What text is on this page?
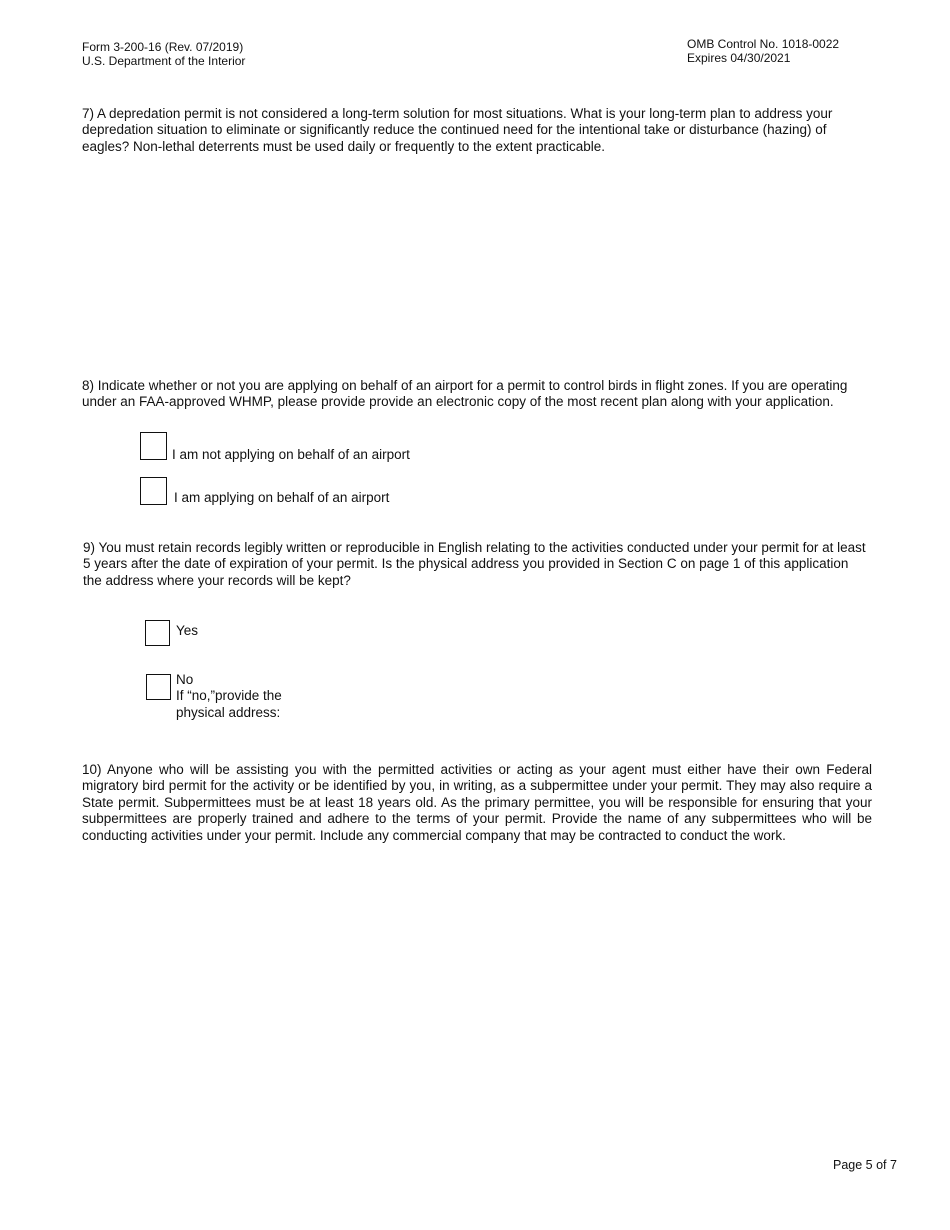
Form 3-200-16 (Rev. 07/2019)
U.S. Department of the Interior
OMB Control No. 1018-0022
Expires 04/30/2021

7) A depredation permit is not considered a long-term solution for most situations. What is your long-term plan to address your depredation situation to eliminate or significantly reduce the continued need for the intentional take or disturbance (hazing) of eagles? Non-lethal deterrents must be used daily or frequently to the extent practicable.

8) Indicate whether or not you are applying on behalf of an airport for a permit to control birds in flight zones. If you are operating under an FAA-approved WHMP, please provide provide an electronic copy of the most recent plan along with your application.

I am not applying on behalf of an airport
I am applying on behalf of an airport

9) You must retain records legibly written or reproducible in English relating to the activities conducted under your permit for at least 5 years after the date of expiration of your permit. Is the physical address you provided in Section C on page 1 of this application the address where your records will be kept?

Yes
No
If “no,”provide the
physical address:

10) Anyone who will be assisting you with the permitted activities or acting as your agent must either have their own Federal migratory bird permit for the activity or be identified by you, in writing, as a subpermittee under your permit. They may also require a State permit. Subpermittees must be at least 18 years old. As the primary permittee, you will be responsible for ensuring that your subpermittees are properly trained and adhere to the terms of your permit. Provide the name of any subpermittees who will be conducting activities under your permit. Include any commercial company that may be contracted to conduct the work.

Page 5 of 7
